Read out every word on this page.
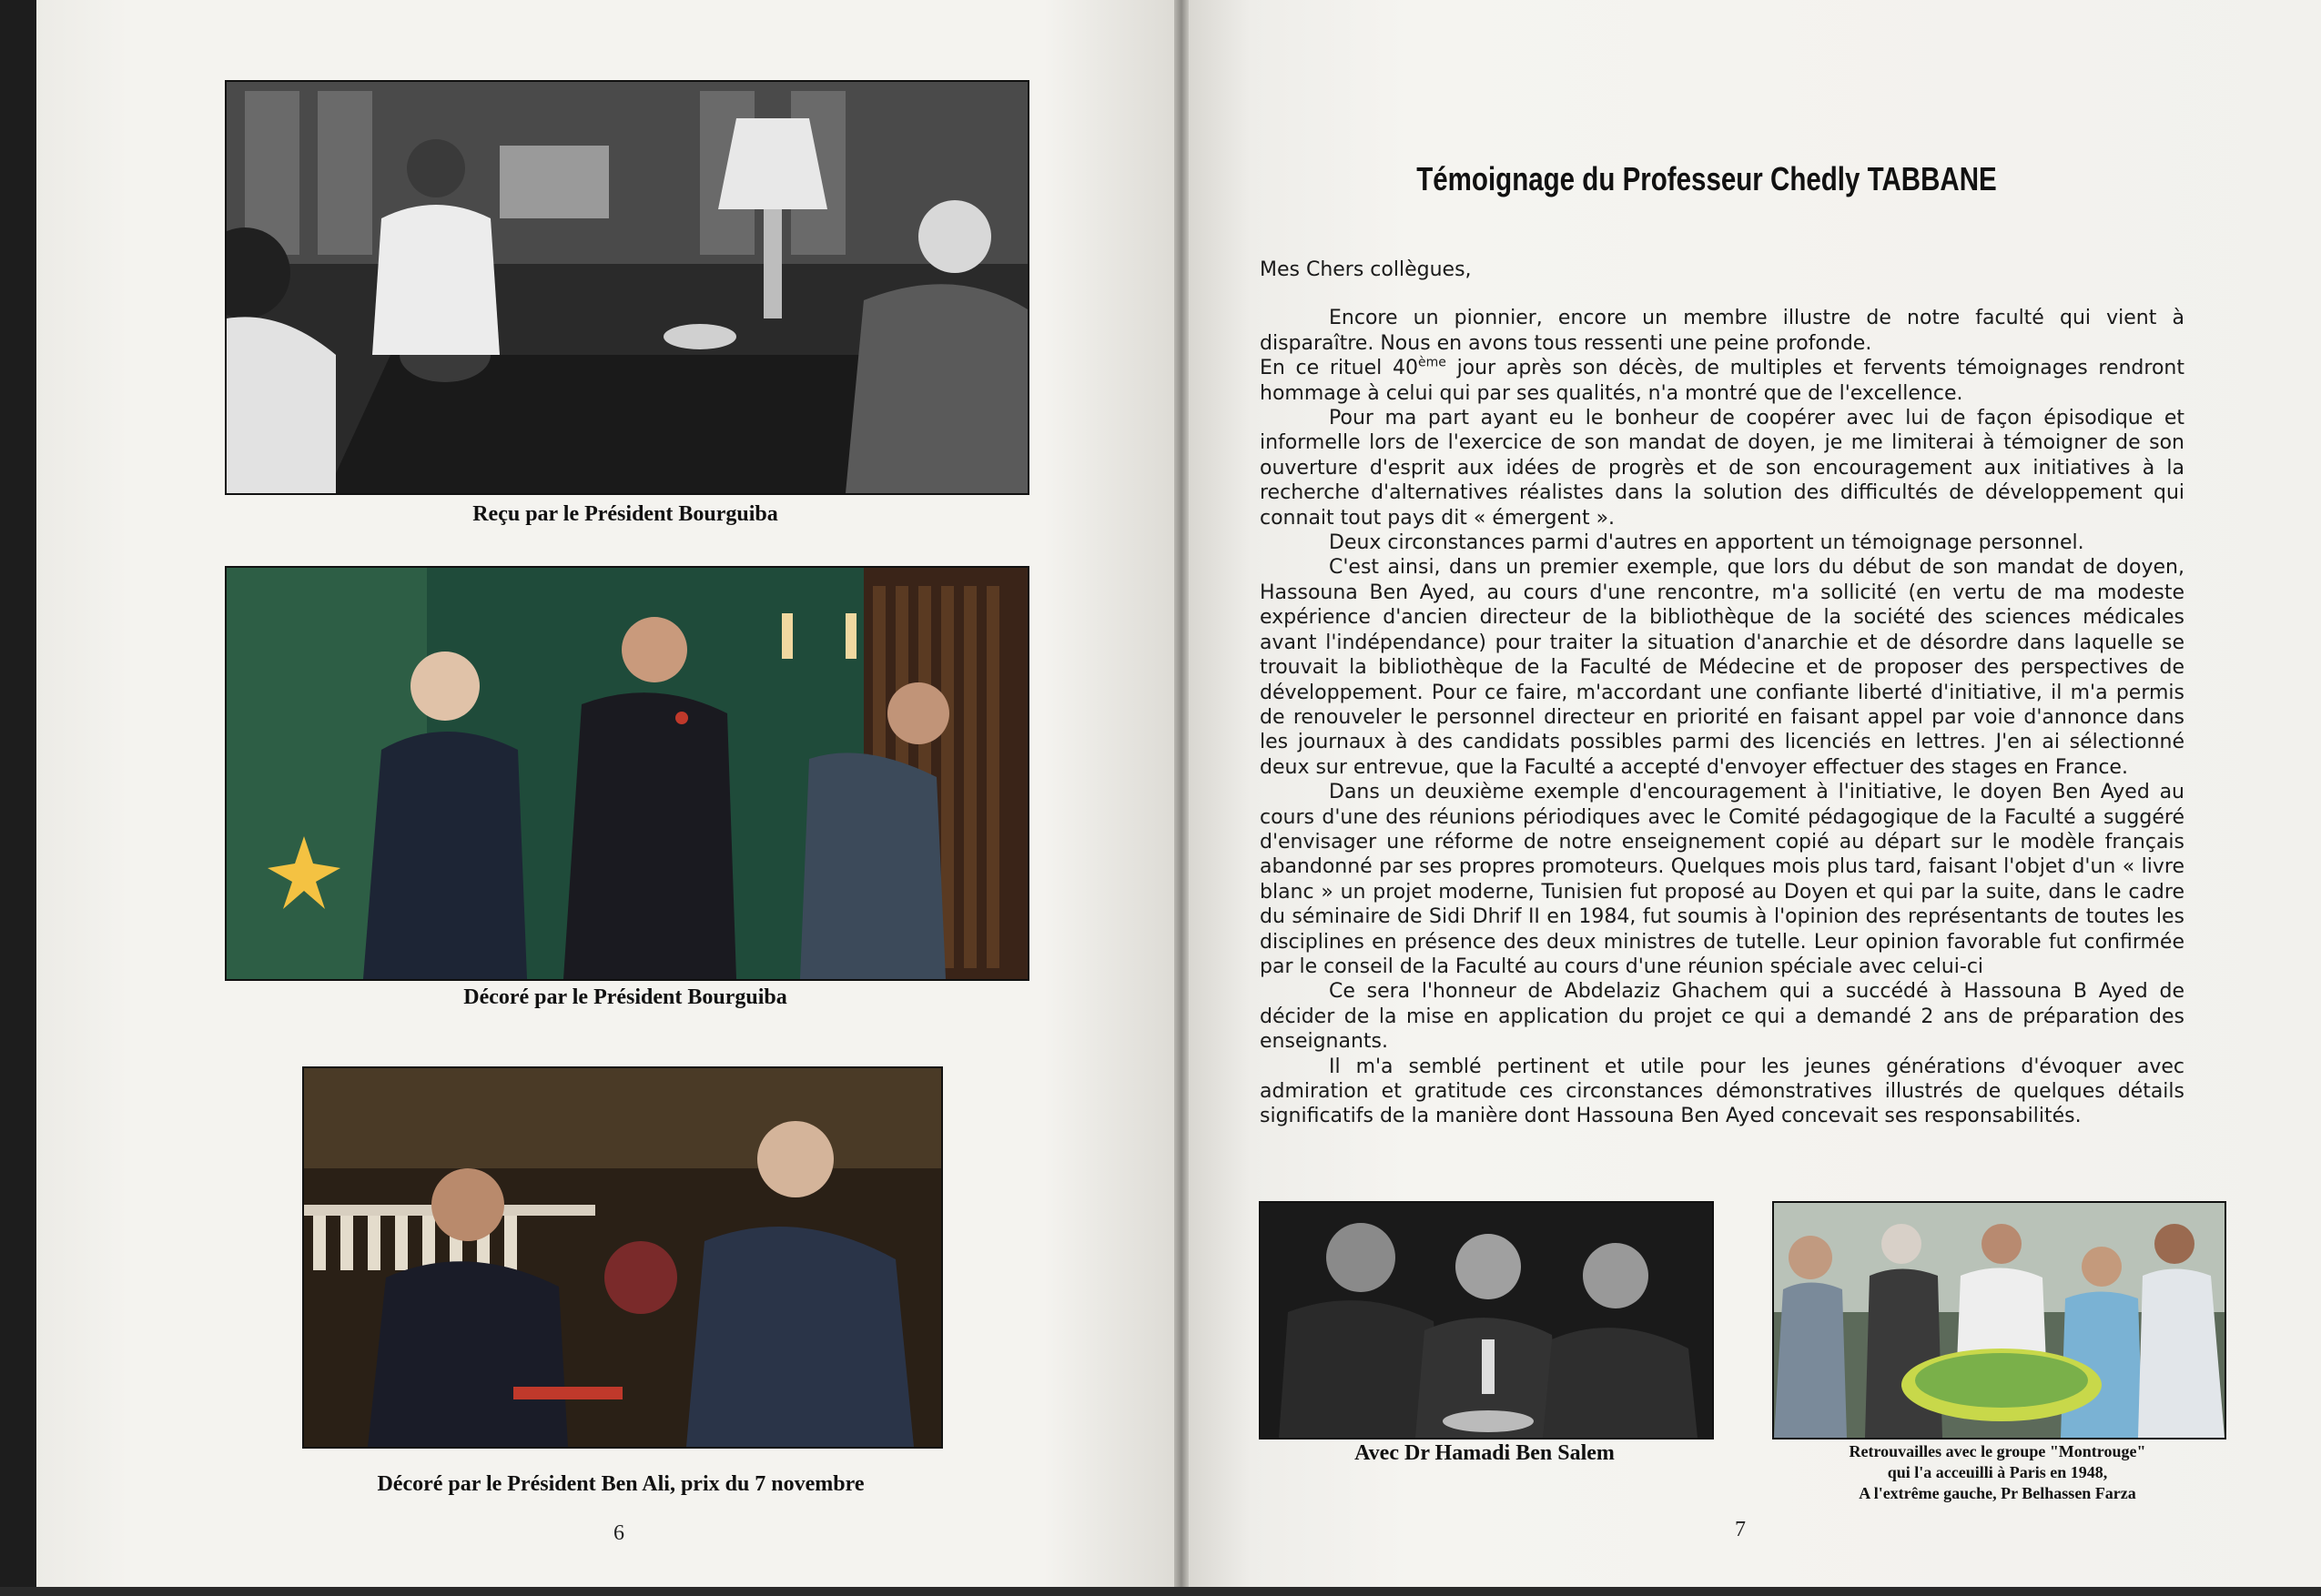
Reçu par le Président Bourguiba
Décoré par le Président Bourguiba
Décoré par le Président Ben Ali, prix du 7 novembre
6
Témoignage du Professeur Chedly TABBANE

Mes Chers collègues,

Encore un pionnier, encore un membre illustre de notre faculté qui vient à disparaître. Nous en avons tous ressenti une peine profonde.

En ce rituel 40ème jour après son décès, de multiples et fervents témoignages rendront hommage à celui qui par ses qualités, n'a montré que de l'excellence.

Pour ma part ayant eu le bonheur de coopérer avec lui de façon épisodique et informelle lors de l'exercice de son mandat de doyen, je me limiterai à témoigner de son ouverture d'esprit aux idées de progrès et de son encouragement aux initiatives à la recherche d'alternatives réalistes dans la solution des difficultés de développement qui connait tout pays dit « émergent ».

Deux circonstances parmi d'autres en apportent un témoignage personnel.

C'est ainsi, dans un premier exemple, que lors du début de son mandat de doyen, Hassouna Ben Ayed, au cours d'une rencontre, m'a sollicité (en vertu de ma modeste expérience d'ancien directeur de la bibliothèque de la société des sciences médicales avant l'indépendance) pour traiter la situation d'anarchie et de désordre dans laquelle se trouvait la bibliothèque de la Faculté de Médecine et de proposer des perspectives de développement. Pour ce faire, m'accordant une confiante liberté d'initiative, il m'a permis de renouveler le personnel directeur en priorité en faisant appel par voie d'annonce dans les journaux à des candidats possibles parmi des licenciés en lettres. J'en ai sélectionné deux sur entrevue, que la Faculté a accepté d'envoyer effectuer des stages en France.

Dans un deuxième exemple d'encouragement à l'initiative, le doyen Ben Ayed au cours d'une des réunions périodiques avec le Comité pédagogique de la Faculté a suggéré d'envisager une réforme de notre enseignement copié au départ sur le modèle français abandonné par ses propres promoteurs. Quelques mois plus tard, faisant l'objet d'un « livre blanc » un projet moderne, Tunisien fut proposé au Doyen et qui par la suite, dans le cadre du séminaire de Sidi Dhrif II en 1984, fut soumis à l'opinion des représentants de toutes les disciplines en présence des deux ministres de tutelle. Leur opinion favorable fut confirmée par le conseil de la Faculté au cours d'une réunion spéciale avec celui-ci

Ce sera l'honneur de Abdelaziz Ghachem qui a succédé à Hassouna B Ayed de décider de la mise en application du projet ce qui a demandé 2 ans de préparation des enseignants.

Il m'a semblé pertinent et utile pour les jeunes générations d'évoquer avec admiration et gratitude ces circonstances démonstratives illustrés de quelques détails significatifs de la manière dont Hassouna Ben Ayed concevait ses responsabilités.

Avec Dr Hamadi Ben Salem	Retrouvailles avec le groupe "Montrouge"
qui l'a acceuilli à Paris en 1948,
A l'extrême gauche, Pr Belhassen Farza
7
